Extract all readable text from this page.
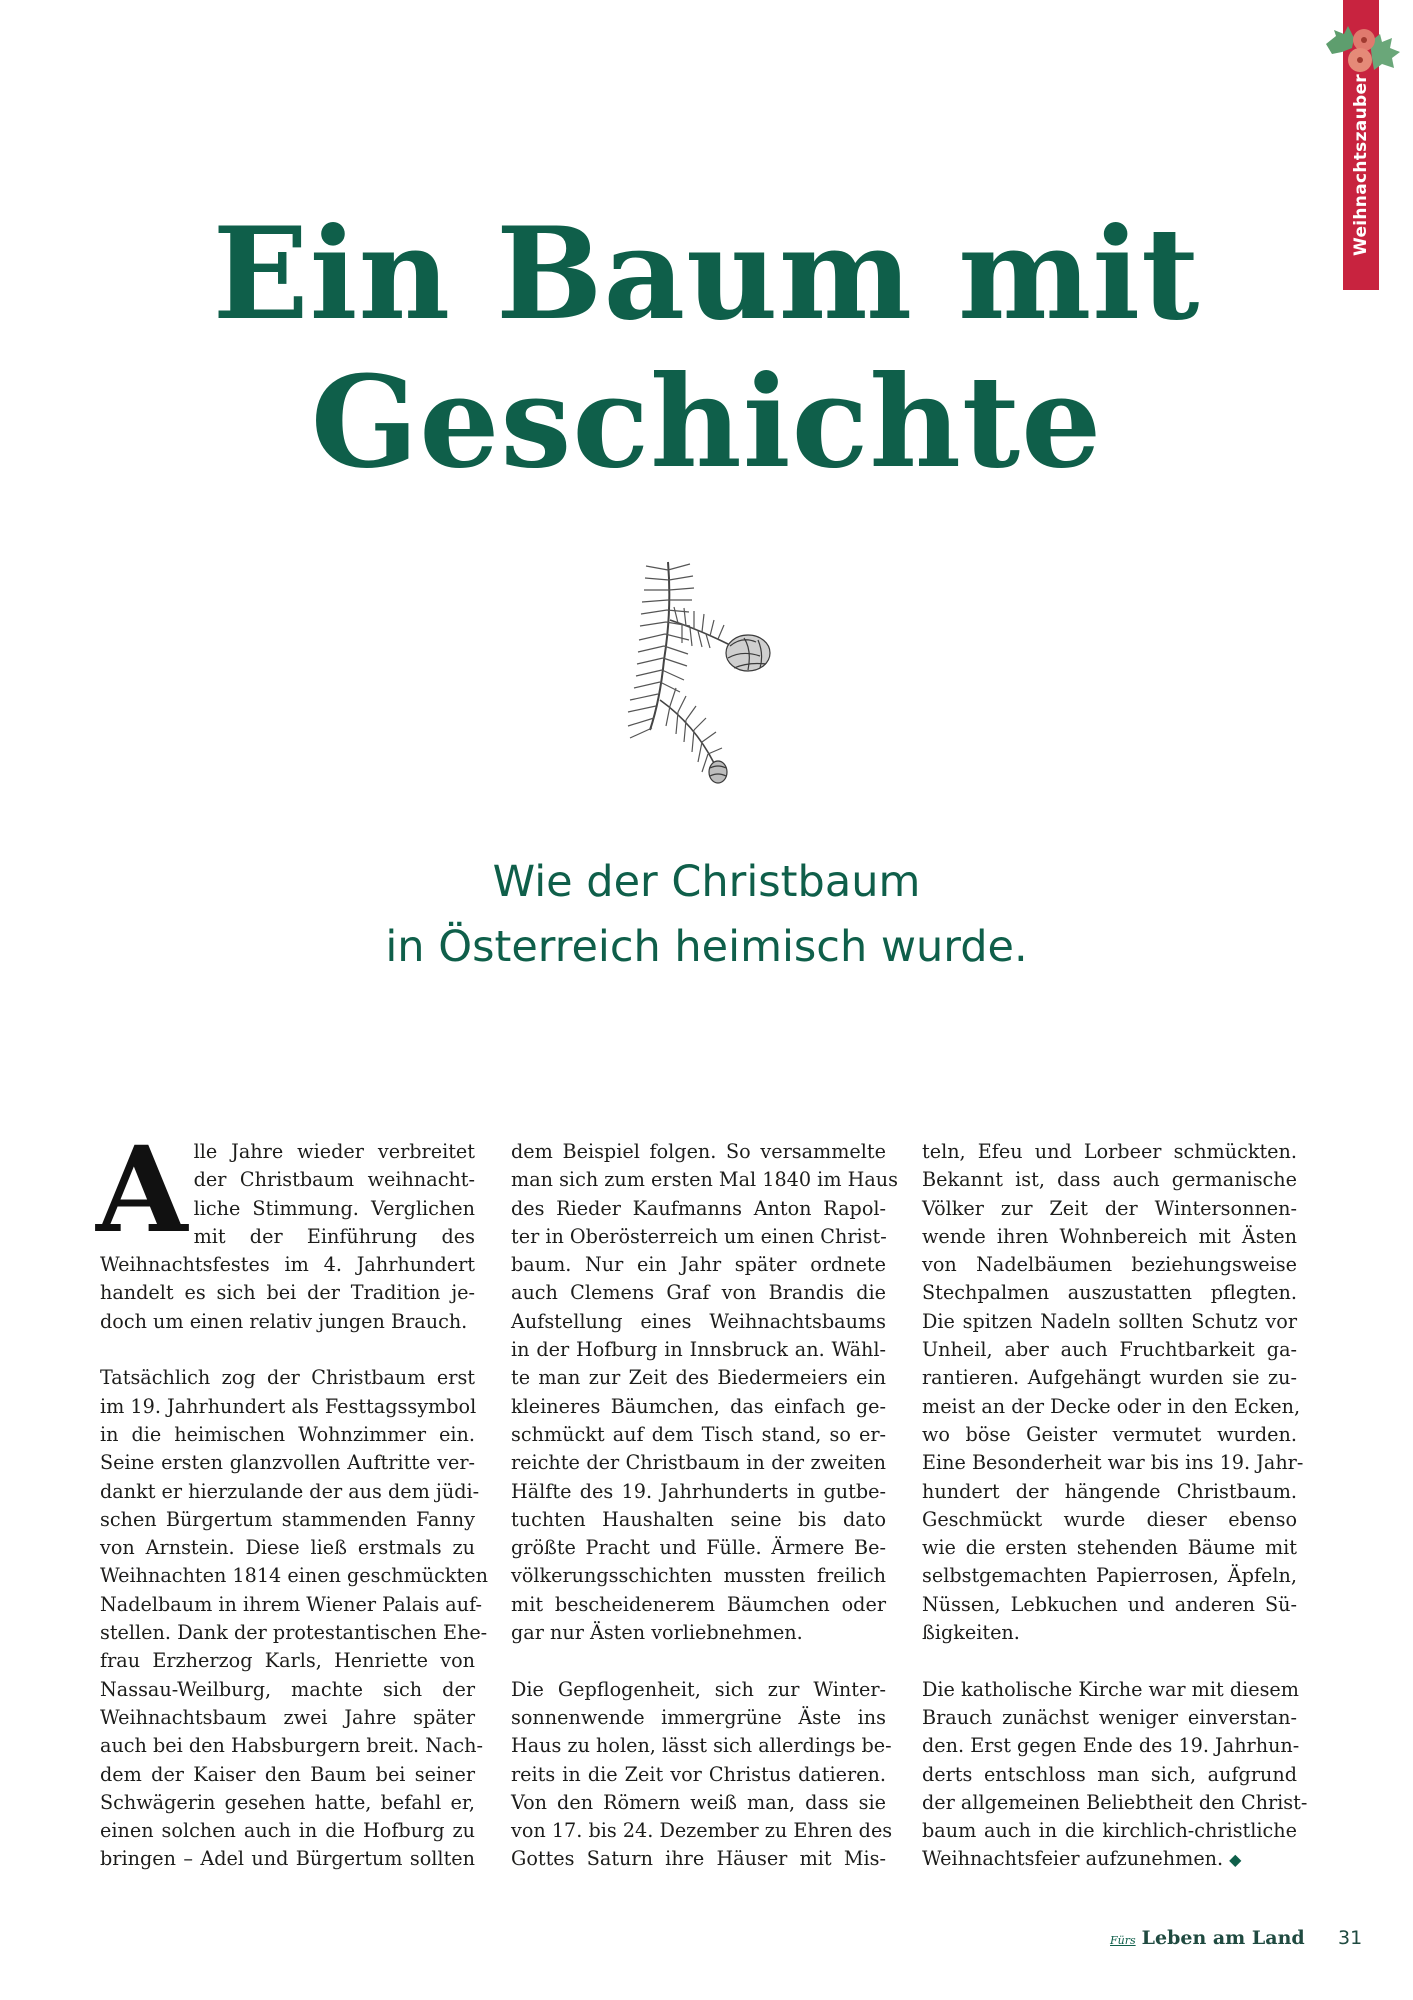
Weihnachtszauber
Ein Baum mit
Geschichte
Wie der Christbaum
in Österreich heimisch wurde.

A lle Jahre wieder verbreitet
der Christbaum weihnacht-
liche Stimmung. Verglichen
mit der Einführung des
Weihnachtsfestes im 4. Jahrhundert
handelt es sich bei der Tradition je-
doch um einen relativ jungen Brauch.

Tatsächlich zog der Christbaum erst
im 19. Jahrhundert als Festtagssymbol
in die heimischen Wohnzimmer ein.
Seine ersten glanzvollen Auftritte ver-
dankt er hierzulande der aus dem jüdi-
schen Bürgertum stammenden Fanny
von Arnstein. Diese ließ erstmals zu
Weihnachten 1814 einen geschmückten
Nadelbaum in ihrem Wiener Palais auf-
stellen. Dank der protestantischen Ehe-
frau Erzherzog Karls, Henriette von
Nassau-Weilburg, machte sich der
Weihnachtsbaum zwei Jahre später
auch bei den Habsburgern breit. Nach-
dem der Kaiser den Baum bei seiner
Schwägerin gesehen hatte, befahl er,
einen solchen auch in die Hofburg zu
bringen – Adel und Bürgertum sollten

dem Beispiel folgen. So versammelte
man sich zum ersten Mal 1840 im Haus
des Rieder Kaufmanns Anton Rapol-
ter in Oberösterreich um einen Christ-
baum. Nur ein Jahr später ordnete
auch Clemens Graf von Brandis die
Aufstellung eines Weihnachtsbaums
in der Hofburg in Innsbruck an. Wähl-
te man zur Zeit des Biedermeiers ein
kleineres Bäumchen, das einfach ge-
schmückt auf dem Tisch stand, so er-
reichte der Christbaum in der zweiten
Hälfte des 19. Jahrhunderts in gutbe-
tuchten Haushalten seine bis dato
größte Pracht und Fülle. Ärmere Be-
völkerungsschichten mussten freilich
mit bescheidenerem Bäumchen oder
gar nur Ästen vorliebnehmen.

Die Gepflogenheit, sich zur Winter-
sonnenwende immergrüne Äste ins
Haus zu holen, lässt sich allerdings be-
reits in die Zeit vor Christus datieren.
Von den Römern weiß man, dass sie
von 17. bis 24. Dezember zu Ehren des
Gottes Saturn ihre Häuser mit Mis-

teln, Efeu und Lorbeer schmückten.
Bekannt ist, dass auch germanische
Völker zur Zeit der Wintersonnen-
wende ihren Wohnbereich mit Ästen
von Nadelbäumen beziehungsweise
Stechpalmen auszustatten pflegten.
Die spitzen Nadeln sollten Schutz vor
Unheil, aber auch Fruchtbarkeit ga-
rantieren. Aufgehängt wurden sie zu-
meist an der Decke oder in den Ecken,
wo böse Geister vermutet wurden.
Eine Besonderheit war bis ins 19. Jahr-
hundert der hängende Christbaum.
Geschmückt wurde dieser ebenso
wie die ersten stehenden Bäume mit
selbstgemachten Papierrosen, Äpfeln,
Nüssen, Lebkuchen und anderen Sü-
ßigkeiten.

Die katholische Kirche war mit diesem
Brauch zunächst weniger einverstan-
den. Erst gegen Ende des 19. Jahrhun-
derts entschloss man sich, aufgrund
der allgemeinen Beliebtheit den Christ-
baum auch in die kirchlich-christliche
Weihnachtsfeier aufzunehmen. ◆

Fürs Leben am Land 31
